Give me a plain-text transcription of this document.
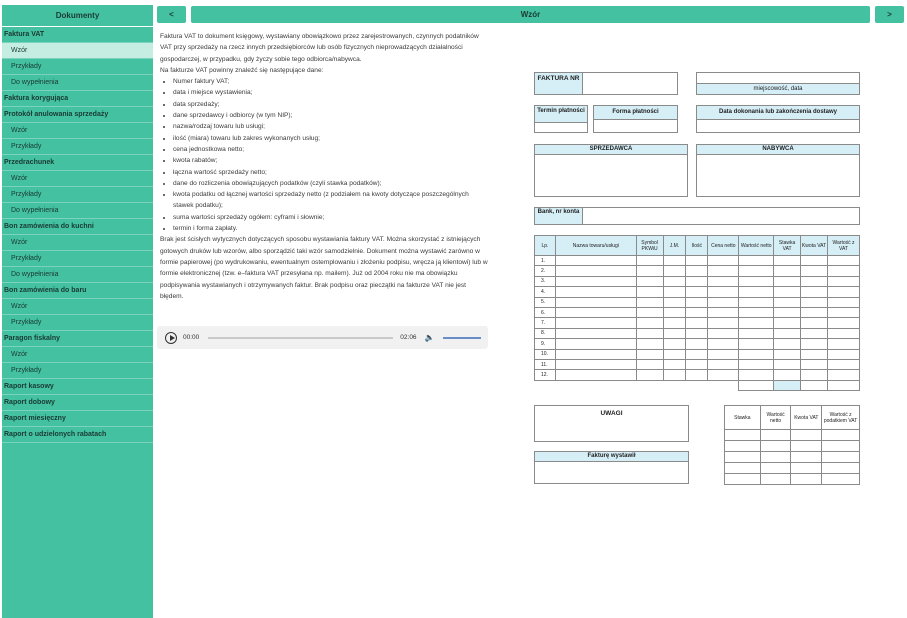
Dokumenty
Faktura VAT
Wzór
Przykłady
Do wypełnienia
Faktura korygująca
Protokół anulowania sprzedaży
Wzór
Przykłady
Przedrachunek
Wzór
Przykłady
Do wypełnienia
Bon zamówienia do kuchni
Wzór
Przykłady
Do wypełnienia
Bon zamówienia do baru
Wzór
Przykłady
Paragon fiskalny
Wzór
Przykłady
Raport kasowy
Raport dobowy
Raport miesięczny
Raport o udzielonych rabatach
<	Wzór	>

Faktura VAT to dokument księgowy, wystawiany obowiązkowo przez zarejestrowanych, czynnych podatników VAT przy sprzedaży na rzecz innych przedsiębiorców lub osób fizycznych nieprowadzących działalności gospodarczej, w przypadku, gdy życzy sobie tego odbiorca/nabywca.

Na fakturze VAT powinny znaleźć się następujące dane:

• Numer faktury VAT;
• data i miejsce wystawienia;
• data sprzedaży;
• dane sprzedawcy i odbiorcy (w tym NIP);
• nazwa/rodzaj towaru lub usługi;
• ilość (miara) towaru lub zakres wykonanych usług;
• cena jednostkowa netto;
• kwota rabatów;
• łączna wartość sprzedaży netto;
• dane do rozliczenia obowiązujących podatków (czyli stawka podatków);
• kwota podatku od łącznej wartości sprzedaży netto (z podziałem na kwoty dotyczące poszczególnych stawek podatku);
• suma wartości sprzedaży ogółem: cyframi i słownie;
• termin i forma zapłaty.

Brak jest ścisłych wytycznych dotyczących sposobu wystawiania faktury VAT. Można skorzystać z istniejących gotowych druków lub wzorów, albo sporządzić taki wzór samodzielnie. Dokument można wystawić zarówno w formie papierowej (po wydrukowaniu, ewentualnym ostemplowaniu i złożeniu podpisu, wręcza ją klientowi) lub w formie elektronicznej (tzw. e–faktura VAT przesyłana np. mailem). Już od 2004 roku nie ma obowiązku podpisywania wystawianych i otrzymywanych faktur. Brak podpisu oraz pieczątki na fakturze VAT nie jest błędem.

00:00	02:06 🔈
FAKTURA NR
miejscowość, data
Termin płatności	Forma płatności	Data dokonania lub zakończenia dostawy
SPRZEDAWCA	NABYWCA
Bank, nr konta
Lp.	Nazwa towaru/usługi	Symbol PKWiU	J.M.	Ilość	Cena netto	Wartość netto	Stawka VAT	Kwota VAT	Wartość z VAT
1.									
2.									
3.									
4.									
5.									
6.									
7.									
8.									
9.									
10.									
11.									
12.									

UWAGI
Fakturę wystawił
Stawka	Wartość netto	Kwota VAT	Wartość z podatkiem VAT
